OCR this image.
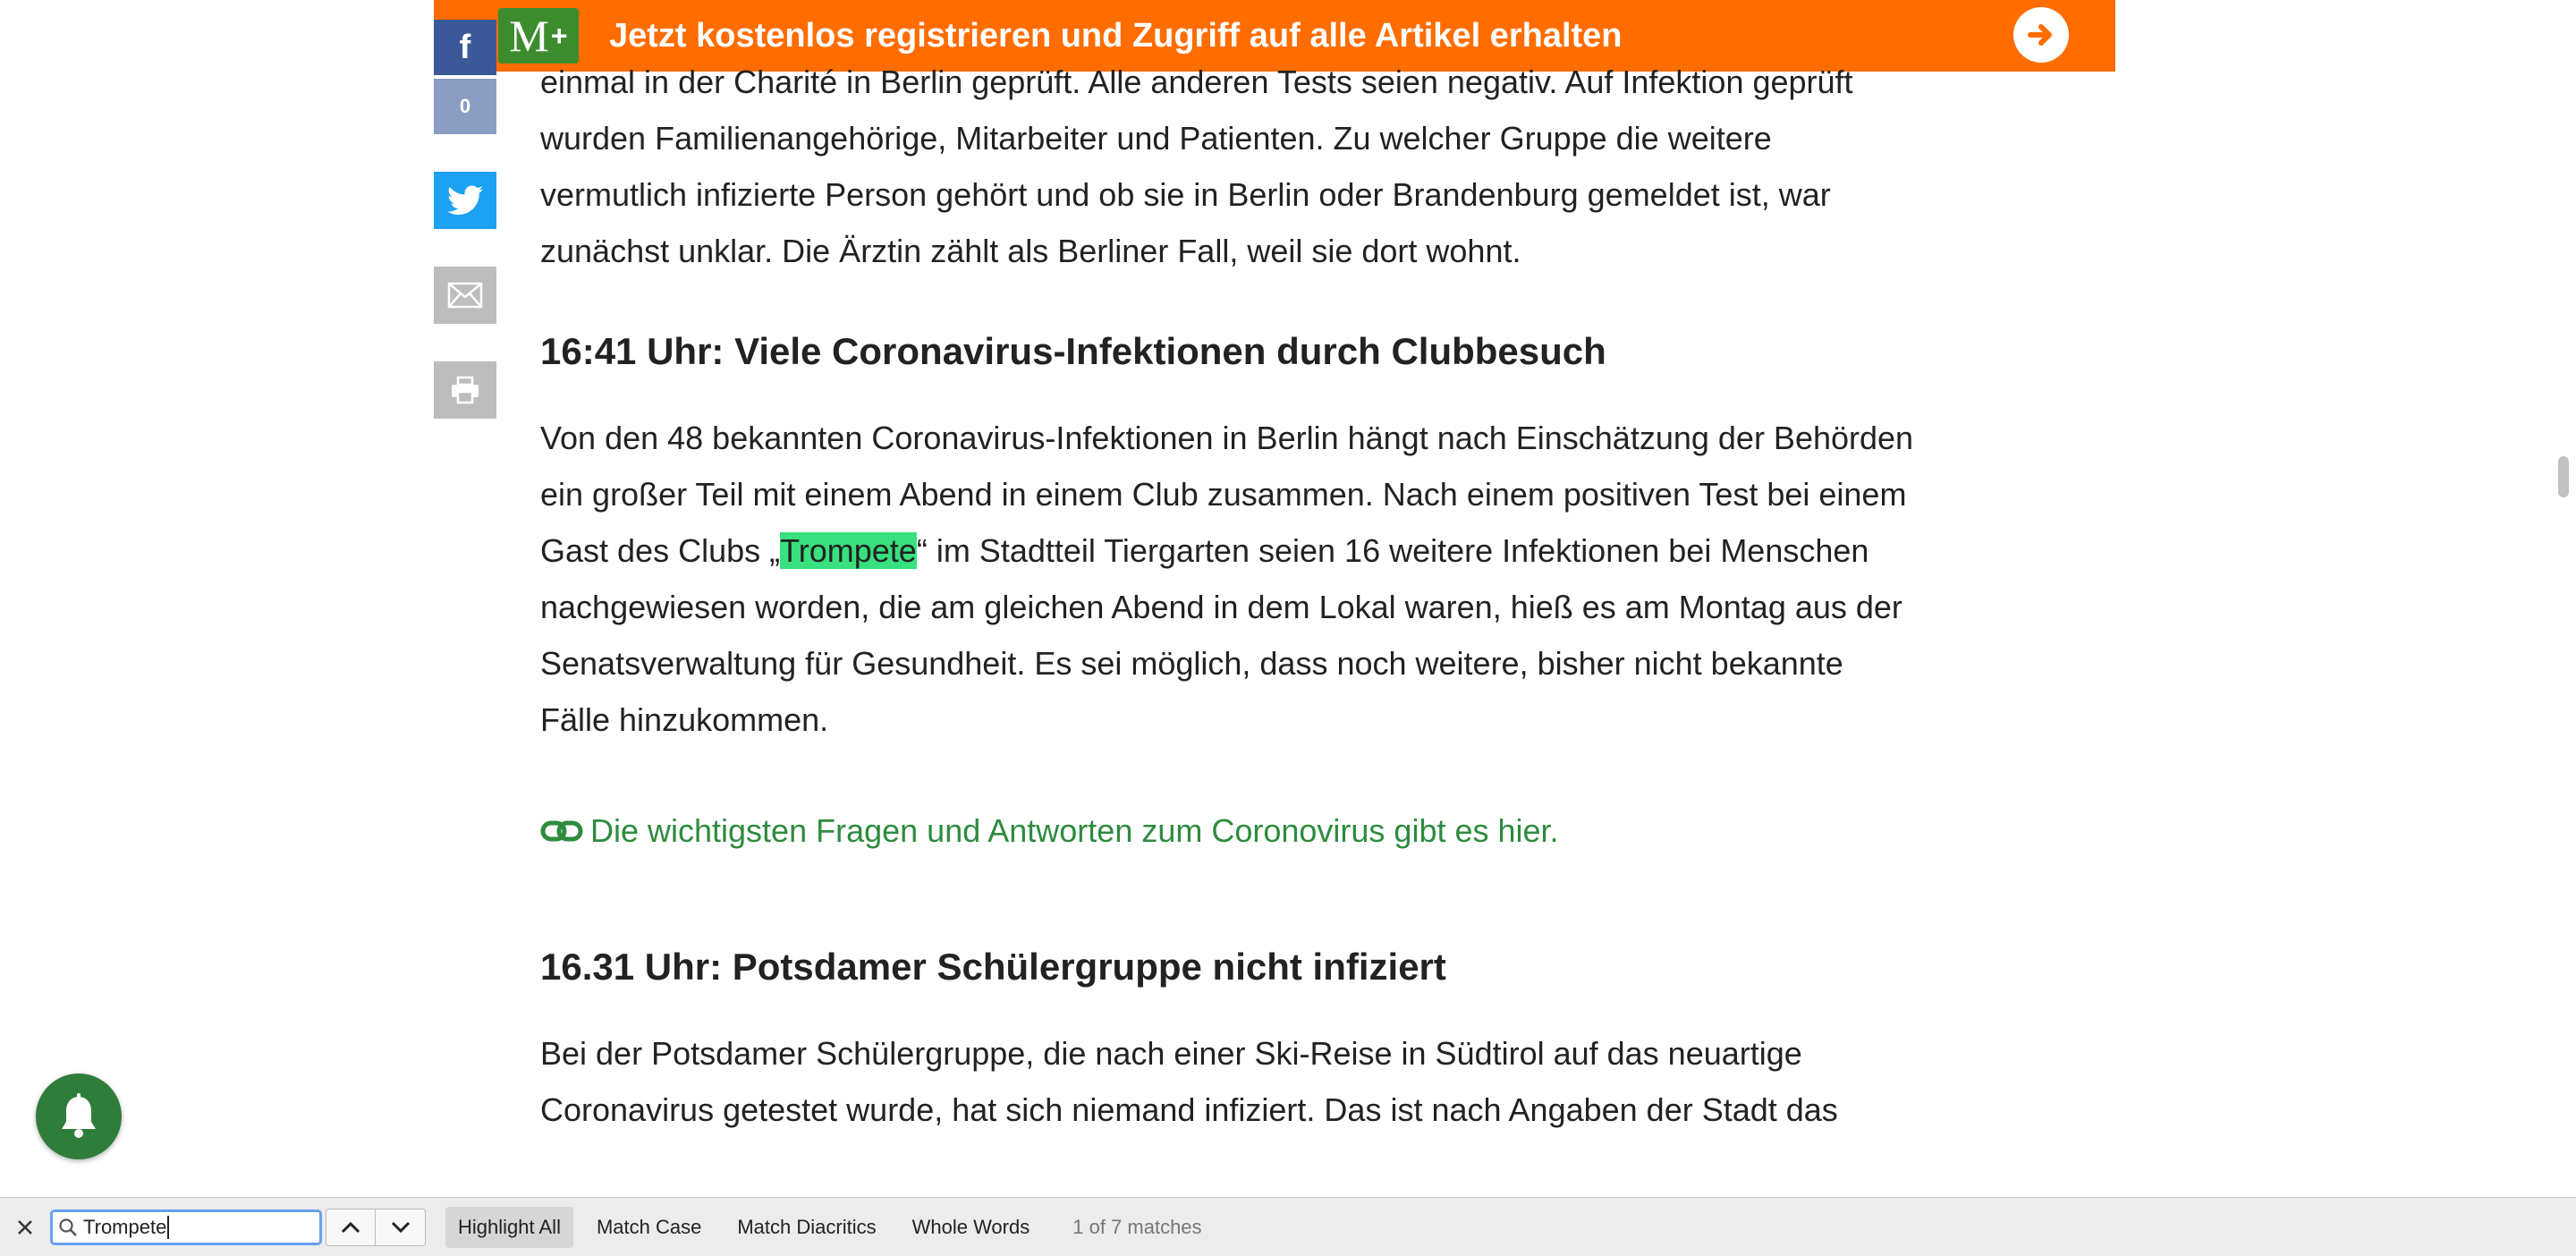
M + Jetzt kostenlos registrieren und Zugriff auf alle Artikel erhalten
f
0

einmal in der Charité in Berlin geprüft. Alle anderen Tests seien negativ. Auf Infektion geprüft
wurden Familienangehörige, Mitarbeiter und Patienten. Zu welcher Gruppe die weitere
vermutlich infizierte Person gehört und ob sie in Berlin oder Brandenburg gemeldet ist, war
zunächst unklar. Die Ärztin zählt als Berliner Fall, weil sie dort wohnt.

16:41 Uhr: Viele Coronavirus-Infektionen durch Clubbesuch

Von den 48 bekannten Coronavirus-Infektionen in Berlin hängt nach Einschätzung der Behörden
ein großer Teil mit einem Abend in einem Club zusammen. Nach einem positiven Test bei einem
Gast des Clubs „Trompete“ im Stadtteil Tiergarten seien 16 weitere Infektionen bei Menschen
nachgewiesen worden, die am gleichen Abend in dem Lokal waren, hieß es am Montag aus der
Senatsverwaltung für Gesundheit. Es sei möglich, dass noch weitere, bisher nicht bekannte
Fälle hinzukommen.

Die wichtigsten Fragen und Antworten zum Coronovirus gibt es hier.
16.31 Uhr: Potsdamer Schülergruppe nicht infiziert

Bei der Potsdamer Schülergruppe, die nach einer Ski-Reise in Südtirol auf das neuartige
Coronavirus getestet wurde, hat sich niemand infiziert. Das ist nach Angaben der Stadt das

Trompete	Highlight All	Match Case	Match Diacritics	Whole Words	1 of 7 matches
